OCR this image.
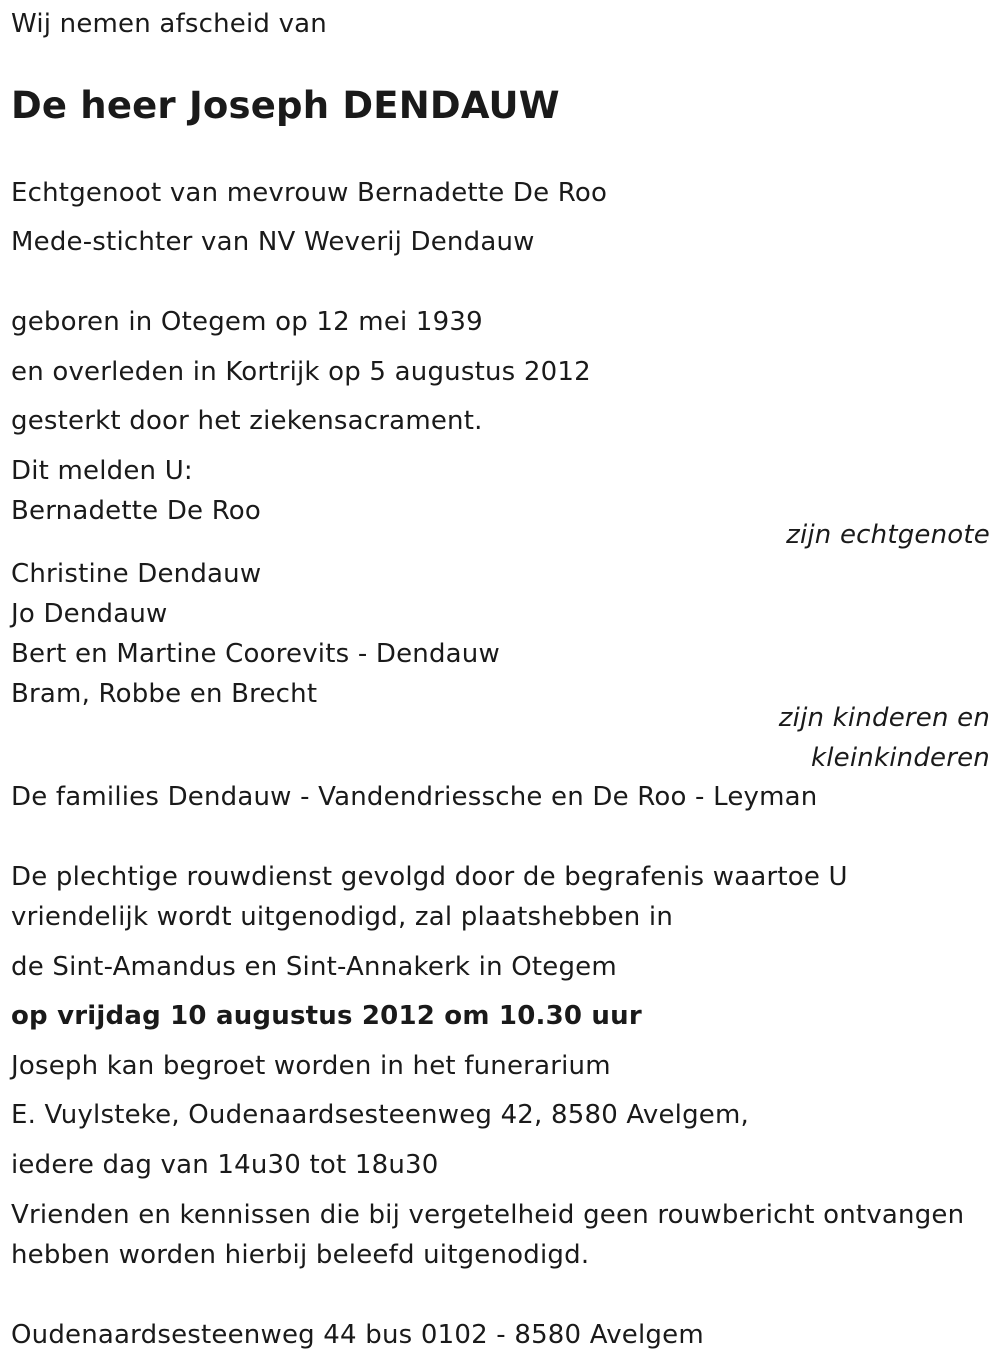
Wij nemen afscheid van
De heer Joseph DENDAUW
Echtgenoot van mevrouw Bernadette De Roo
Mede-stichter van NV Weverij Dendauw
geboren in Otegem op 12 mei 1939
en overleden in Kortrijk op 5 augustus 2012
gesterkt door het ziekensacrament.
Dit melden U:
Bernadette De Roo
zijn echtgenote
Christine Dendauw
Jo Dendauw
Bert en Martine Coorevits - Dendauw
Bram, Robbe en Brecht
zijn kinderen en
kleinkinderen
De families Dendauw - Vandendriessche en De Roo - Leyman
De plechtige rouwdienst gevolgd door de begrafenis waartoe U
vriendelijk wordt uitgenodigd, zal plaatshebben in
de Sint-Amandus en Sint-Annakerk in Otegem
op vrijdag 10 augustus 2012 om 10.30 uur
Joseph kan begroet worden in het funerarium
E. Vuylsteke, Oudenaardsesteenweg 42, 8580 Avelgem,
iedere dag van 14u30 tot 18u30
Vrienden en kennissen die bij vergetelheid geen rouwbericht ontvangen
hebben worden hierbij beleefd uitgenodigd.
Oudenaardsesteenweg 44 bus 0102 - 8580 Avelgem
